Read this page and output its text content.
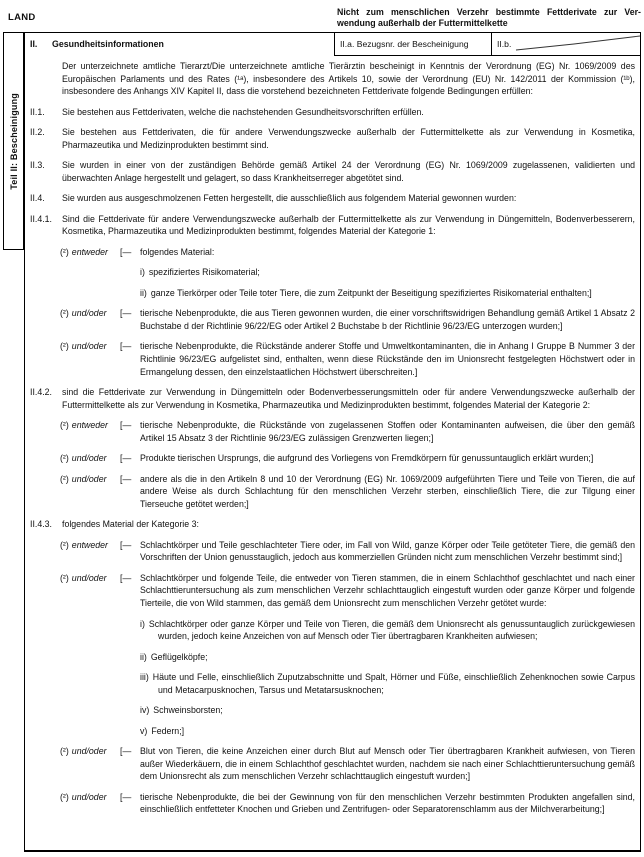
LAND	Nicht zum menschlichen Verzehr bestimmte Fettderivate zur Ver-
wendung außerhalb der Futtermittelkette
Teil II: Bescheinigung
II. Gesundheitsinformationen	II.a. Bezugsnr. der Bescheinigung	II.b.
Der unterzeichnete amtliche Tierarzt/Die unterzeichnete amtliche Tierärztin bescheinigt in Kenntnis der Verordnung (EG) Nr. 1069/2009 des Europäischen Parlaments und des Rates (¹ᵃ), insbesondere des Artikels 10, sowie der Verordnung (EU) Nr. 142/2011 der Kommission (¹ᵇ), insbesondere des Anhangs XIV Kapitel II, dass die vorstehend bezeichneten Fettderivate folgende Bedingungen erfüllen:
II.1. Sie bestehen aus Fettderivaten, welche die nachstehenden Gesundheitsvorschriften erfüllen.
II.2. Sie bestehen aus Fettderivaten, die für andere Verwendungszwecke außerhalb der Futtermittelkette als zur Verwendung in Kosmetika, Pharmazeutika und Medizinprodukten bestimmt sind.
II.3. Sie wurden in einer von der zuständigen Behörde gemäß Artikel 24 der Verordnung (EG) Nr. 1069/2009 zugelassenen, validierten und überwachten Anlage hergestellt und gelagert, so dass Krankheitserreger abgetötet sind.
II.4. Sie wurden aus ausgeschmolzenen Fetten hergestellt, die ausschließlich aus folgendem Material gewonnen wurden:
II.4.1. Sind die Fettderivate für andere Verwendungszwecke außerhalb der Futtermittelkette als zur Verwendung in Düngemitteln, Bodenverbesserern, Kosmetika, Pharmazeutika und Medizinprodukten bestimmt, folgendes Material der Kategorie 1:
(²) entweder [— folgendes Material:
i) spezifiziertes Risikomaterial;
ii) ganze Tierkörper oder Teile toter Tiere, die zum Zeitpunkt der Beseitigung spezifiziertes Risikomaterial enthalten;]
(²) und/oder [— tierische Nebenprodukte, die aus Tieren gewonnen wurden, die einer vorschriftswidrigen Behandlung gemäß Artikel 1 Absatz 2 Buchstabe d der Richtlinie 96/22/EG oder Artikel 2 Buchstabe b der Richtlinie 96/23/EG unterzogen wurden;]
(²) und/oder [— tierische Nebenprodukte, die Rückstände anderer Stoffe und Umweltkontaminanten, die in Anhang I Gruppe B Nummer 3 der Richtlinie 96/23/EG aufgelistet sind, enthalten, wenn diese Rückstände den im Unionsrecht festgelegten Höchstwert oder in Ermangelung dessen, den einzelstaatlichen Höchstwert überschreiten.]
II.4.2. sind die Fettderivate zur Verwendung in Düngemitteln oder Bodenverbesserungsmitteln oder für andere Verwendungszwecke außerhalb der Futtermittelkette als zur Verwendung in Kosmetika, Pharmazeutika und Medizinprodukten bestimmt, folgendes Material der Kategorie 2:
(²) entweder [— tierische Nebenprodukte, die Rückstände von zugelassenen Stoffen oder Kontaminanten aufweisen, die über den gemäß Artikel 15 Absatz 3 der Richtlinie 96/23/EG zulässigen Grenzwerten liegen;]
(²) und/oder [— Produkte tierischen Ursprungs, die aufgrund des Vorliegens von Fremdkörpern für genussuntauglich erklärt wurden;]
(²) und/oder [— andere als die in den Artikeln 8 und 10 der Verordnung (EG) Nr. 1069/2009 aufgeführten Tiere und Teile von Tieren, die auf andere Weise als durch Schlachtung für den menschlichen Verzehr sterben, einschließlich Tiere, die zur Tilgung einer Tierseuche getötet werden;]
II.4.3. folgendes Material der Kategorie 3:
(²) entweder [— Schlachtkörper und Teile geschlachteter Tiere oder, im Fall von Wild, ganze Körper oder Teile getöteter Tiere, die gemäß den Vorschriften der Union genusstauglich, jedoch aus kommerziellen Gründen nicht zum menschlichen Verzehr bestimmt sind;]
(²) und/oder [— Schlachtkörper und folgende Teile, die entweder von Tieren stammen, die in einem Schlachthof geschlachtet und nach einer Schlachttieruntersuchung als zum menschlichen Verzehr schlachttauglich eingestuft wurden oder ganze Körper und folgende Tierteile, die von Wild stammen, das gemäß dem Unionsrecht zum menschlichen Verzehr getötet wurde:
i) Schlachtkörper oder ganze Körper und Teile von Tieren, die gemäß dem Unionsrecht als genussuntauglich zurückgewiesen wurden, jedoch keine Anzeichen von auf Mensch oder Tier übertragbaren Krankheiten aufwiesen;
ii) Geflügelköpfe;
iii) Häute und Felle, einschließlich Zuputzabschnitte und Spalt, Hörner und Füße, einschließlich Zehenknochen sowie Carpus und Metacarpusknochen, Tarsus und Metatarsusknochen;
iv) Schweinsborsten;
v) Federn;]
(²) und/oder [— Blut von Tieren, die keine Anzeichen einer durch Blut auf Mensch oder Tier übertragbaren Krankheit aufwiesen, von Tieren außer Wiederkäuern, die in einem Schlachthof geschlachtet wurden, nachdem sie nach einer Schlachttieruntersuchung gemäß dem Unionsrecht als zum menschlichen Verzehr schlachttauglich eingestuft wurden;]
(²) und/oder [— tierische Nebenprodukte, die bei der Gewinnung von für den menschlichen Verzehr bestimmten Produkten angefallen sind, einschließlich entfetteter Knochen und Grieben und Zentrifugen- oder Separatorenschlamm aus der Milchverarbeitung;]
